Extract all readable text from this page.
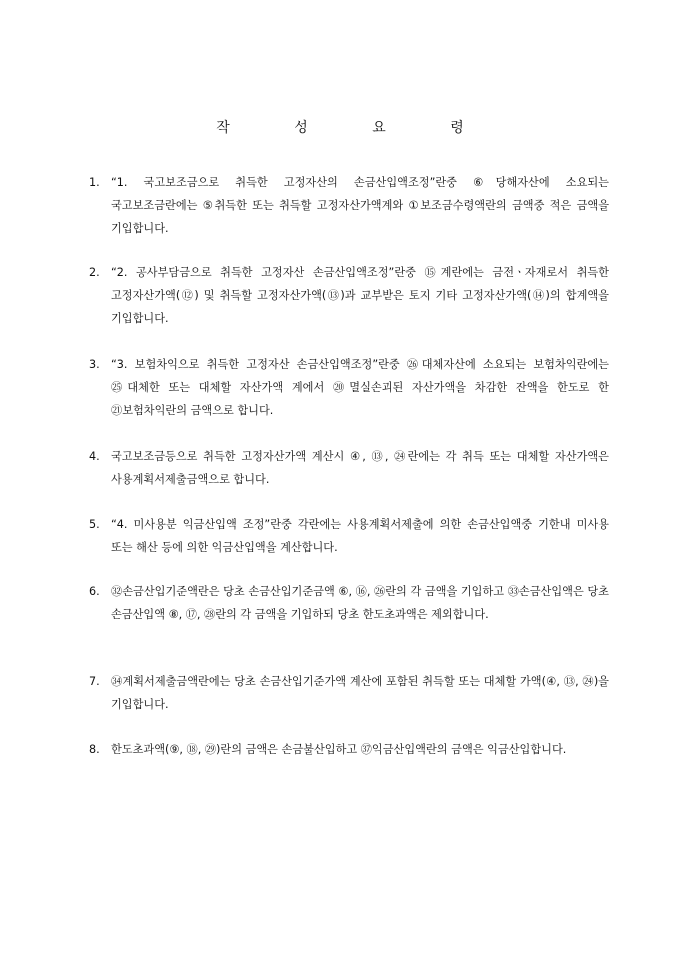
작 성 요 령
1.	“1. 국고보조금으로 취득한 고정자산의 손금산입액조정”란중 ⑥당해자산에 소요되는 국고보조금란에는 ⑤취득한 또는 취득할 고정자산가액계와 ①보조금수령액란의 금액중 적은 금액을 기입합니다.
2.	“2. 공사부담금으로 취득한 고정자산 손금산입액조정”란중 ⑮계란에는 금전ㆍ자재로서 취득한 고정자산가액(⑫) 및 취득할 고정자산가액(⑬)과 교부받은 토지 기타 고정자산가액(⑭)의 합계액을 기입합니다.
3.	“3. 보험차익으로 취득한 고정자산 손금산입액조정”란중 ㉖대체자산에 소요되는 보험차익란에는 ㉕대체한 또는 대체할 자산가액 계에서 ⑳멸실손괴된 자산가액을 차감한 잔액을 한도로 한 ㉑보험차익란의 금액으로 합니다.
4.	국고보조금등으로 취득한 고정자산가액 계산시 ④, ⑬, ㉔란에는 각 취득 또는 대체할 자산가액은 사용계획서제출금액으로 합니다.
5.	“4. 미사용분 익금산입액 조정”란중 각란에는 사용계획서제출에 의한 손금산입액중 기한내 미사용 또는 해산 등에 의한 익금산입액을 계산합니다.
6.	㉜손금산입기준액란은 당초 손금산입기준금액 ⑥, ⑯, ㉖란의 각 금액을 기입하고 ㉝손금산입액은 당초 손금산입액 ⑧, ⑰, ㉘란의 각 금액을 기입하되 당초 한도초과액은 제외합니다.
7.	㉞계획서제출금액란에는 당초 손금산입기준가액 계산에 포함된 취득할 또는 대체할 가액(④, ⑬, ㉔)을 기입합니다.
8.	한도초과액(⑨, ⑱, ㉙)란의 금액은 손금불산입하고 ㊲익금산입액란의 금액은 익금산입합니다.
